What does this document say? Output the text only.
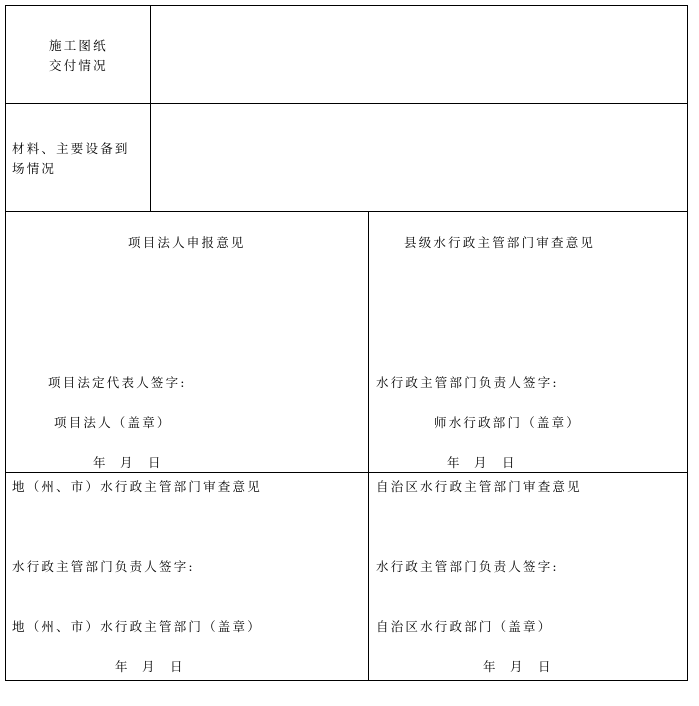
施工图纸
交付情况
材料、主要设备到
场情况
项目法人申报意见
项目法定代表人签字:
项目法人（盖章）
年 月 日
县级水行政主管部门审查意见
水行政主管部门负责人签字:
师水行政部门（盖章）
年 月 日
地（州、市）水行政主管部门审查意见
水行政主管部门负责人签字:
地（州、市）水行政主管部门（盖章）
年 月 日
自治区水行政主管部门审查意见
水行政主管部门负责人签字:
自治区水行政部门（盖章）
年 月 日
